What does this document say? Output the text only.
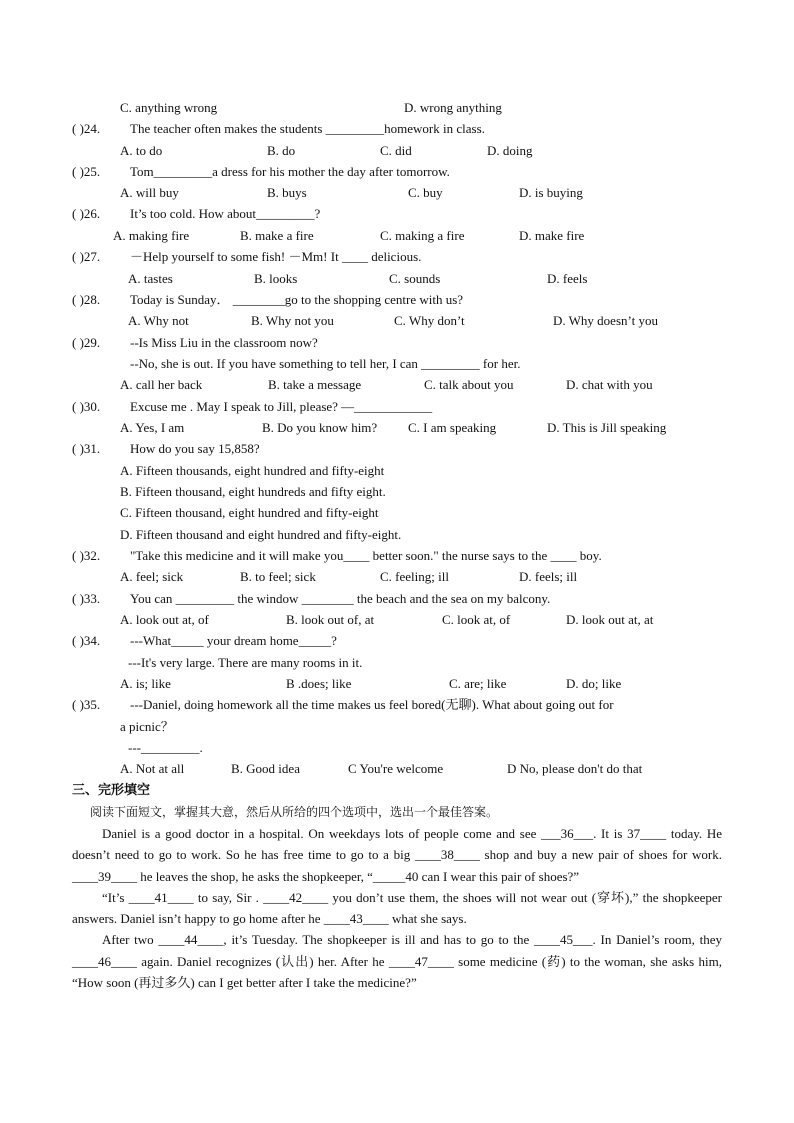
C. anything wrong	D. wrong anything
( )24. The teacher often makes the students _________homework in class.
A. to do	B. do	C. did	D. doing
( )25. Tom_________a dress for his mother the day after tomorrow.
A. will buy	B. buys	C. buy	D. is buying
( )26. It’s too cold. How about_________?
A. making fire	B. make a fire	C. making a fire	D. make fire
( )27. －Help yourself to some fish! －Mm! It ____ delicious.
A. tastes	B. looks	C. sounds	D. feels
( )28. Today is Sunday． ________go to the shopping centre with us?
A. Why not	B. Why not you	C. Why don’t	D. Why doesn’t you
( )29. --Is Miss Liu in the classroom now?
--No, she is out. If you have something to tell her, I can _________ for her.
A. call her back	B. take a message	C. talk about you	D. chat with you
( )30. Excuse me . May I speak to Jill, please? —____________
A. Yes, I am	B. Do you know him? C. I am speaking	D. This is Jill speaking
( )31. How do you say 15,858?
A. Fifteen thousands, eight hundred and fifty-eight
B. Fifteen thousand, eight hundreds and fifty eight.
C. Fifteen thousand, eight hundred and fifty-eight
D. Fifteen thousand and eight hundred and fifty-eight.
( )32. "Take this medicine and it will make you____ better soon." the nurse says to the ____ boy.
A. feel; sick	B. to feel; sick	C. feeling; ill	D. feels; ill
( )33. You can _________ the window ________ the beach and the sea on my balcony.
A. look out at, of	B. look out of, at	C. look at, of	D. look out at, at
( )34. ---What_____ your dream home_____?
---It's very large. There are many rooms in it.
A. is; like	B .does; like	C. are; like	D. do; like
( )35. ---Daniel, doing homework all the time makes us feel bored(无聊). What about going out for
a picnic？
---_________.
A. Not at all	B. Good idea	C You're welcome	D No, please don't do that
三、完形填空
阅读下面短文，掌握其大意，然后从所给的四个选项中，选出一个最佳答案。

Daniel is a good doctor in a hospital. On weekdays lots of people come and see ___36___. It is 37____ today. He doesn’t need to go to work. So he has free time to go to a big ____38____ shop and buy a new pair of shoes for work. ____39____ he leaves the shop, he asks the shopkeeper, “_____40 can I wear this pair of shoes?”

“It’s ____41____ to say, Sir . ____42____ you don’t use them, the shoes will not wear out (穿坏),” the shopkeeper answers. Daniel isn’t happy to go home after he ____43____ what she says.

After two ____44____, it’s Tuesday. The shopkeeper is ill and has to go to the ____45___. In Daniel’s room, they ____46____ again. Daniel recognizes (认出) her. After he ____47____ some medicine (药) to the woman, she asks him, “How soon (再过多久) can I get better after I take the medicine?”
